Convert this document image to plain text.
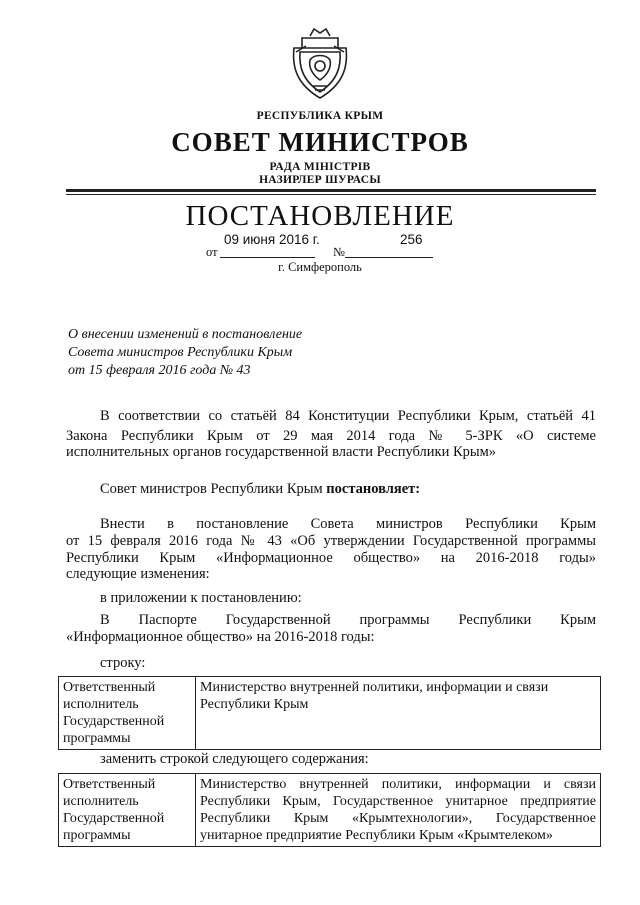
РЕСПУБЛИКА КРЫМ
СОВЕТ МИНИСТРОВ
РАДА МІНІСТРІВ
НАЗИРЛЕР ШУРАСЫ
ПОСТАНОВЛЕНИЕ
от
09 июня 2016 г.
№
256
г. Симферополь
О внесении изменений в постановление
Совета министров Республики Крым
от 15 февраля 2016 года № 43
В соответствии со статьёй 84 Конституции Республики Крым, статьёй 41
Закона Республики Крым от 29 мая 2014 года № 5-ЗРК «О системе
исполнительных органов государственной власти Республики Крым»
Совет министров Республики Крым постановляет:
Внести в постановление Совета министров Республики Крым
от 15 февраля 2016 года № 43 «Об утверждении Государственной программы
Республики Крым «Информационное общество» на 2016-2018 годы»
следующие изменения:
в приложении к постановлению:
В Паспорте Государственной программы Республики Крым
«Информационное общество» на 2016-2018 годы:
строку:
Ответственный исполнитель Государственной программы	Министерство внутренней политики, информации и связи Республики Крым
заменить строкой следующего содержания:
Ответственный исполнитель Государственной программы	Министерство внутренней политики, информации и связи Республики Крым, Государственное унитарное предприятие Республики Крым «Крымтехнологии», Государственное унитарное предприятие Республики Крым «Крымтелеком»
